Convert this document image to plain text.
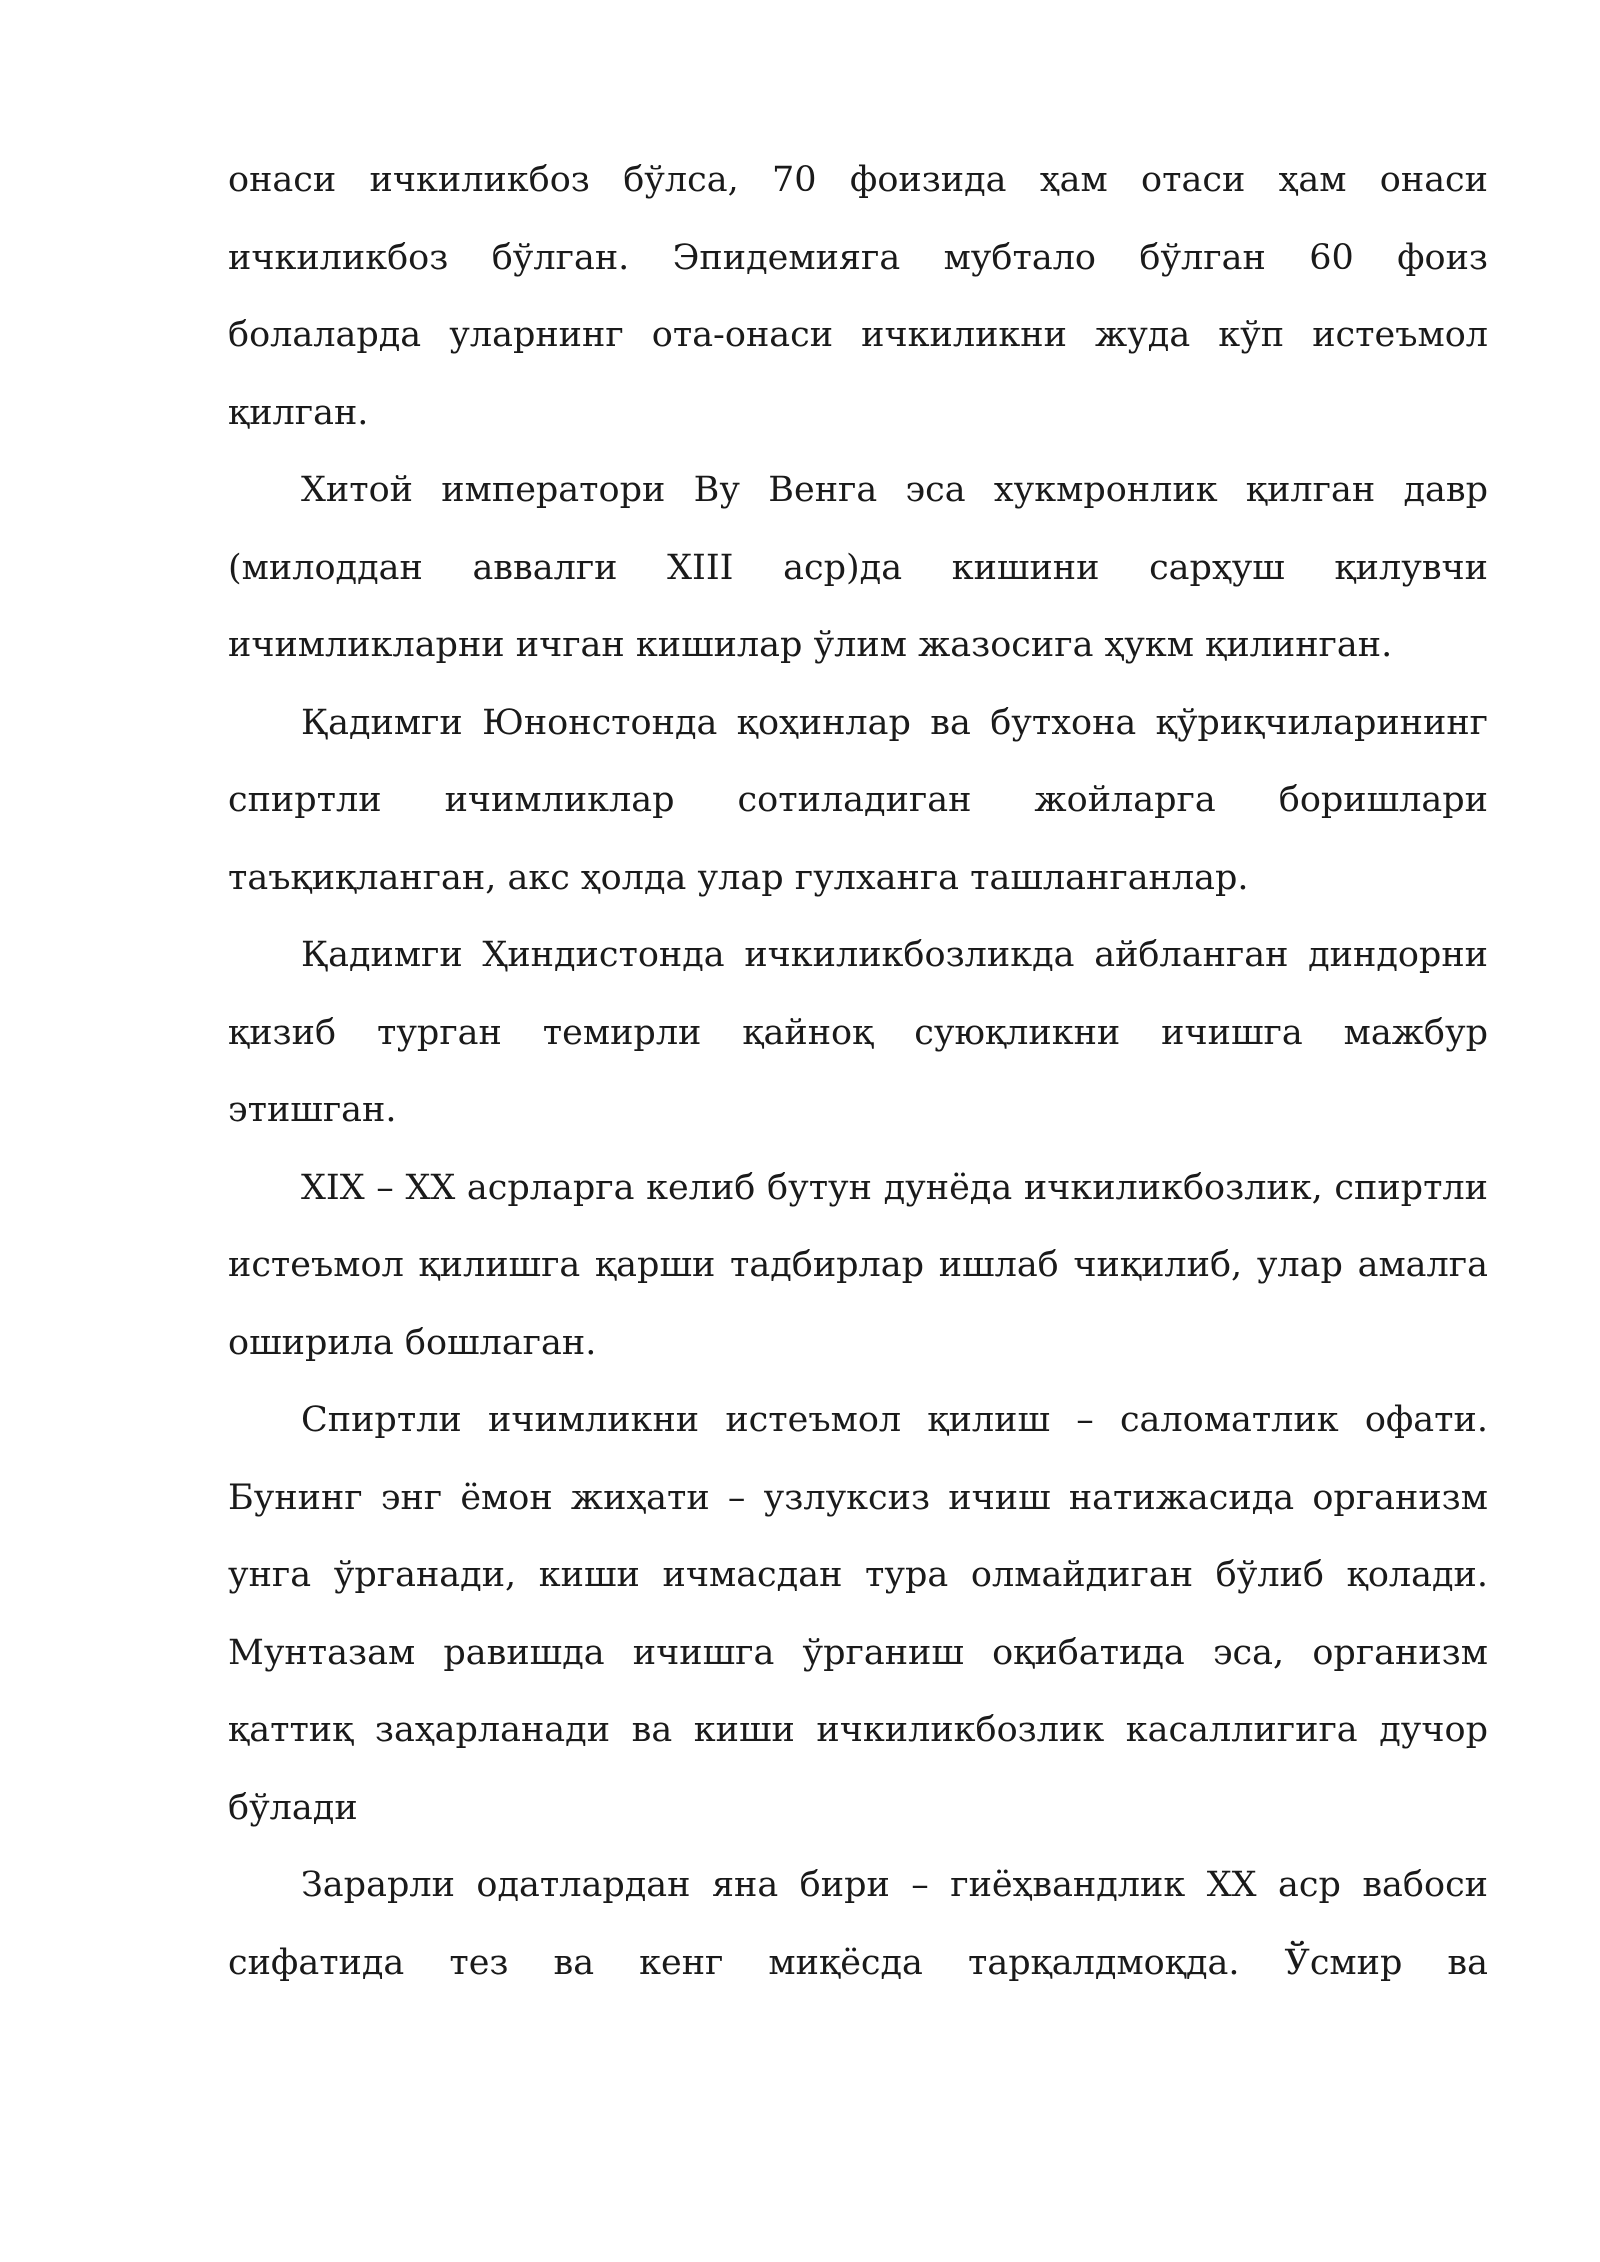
онаси ичкиликбоз бўлса, 70 фоизида ҳам отаси ҳам онаси ичкиликбоз бўлган. Эпидемияга мубтало бўлган 60 фоиз болаларда уларнинг ота-онаси ичкиликни жуда кўп истеъмол қилган.

Хитой императори Ву Венга эса хукмронлик қилган давр (милоддан аввалги XIII аср)да кишини сарҳуш қилувчи ичимликларни ичган кишилар ўлим жазосига ҳукм қилинган.

Қадимги Юнонстонда қоҳинлар ва бутхона қўриқчиларининг спиртли ичимликлар сотиладиган жойларга боришлари таъқиқланган, акс ҳолда улар гулханга ташланганлар.

Қадимги Ҳиндистонда ичкиликбозликда айбланган диндорни қизиб турган темирли қайноқ суюқликни ичишга мажбур этишган.

XIX – XX асрларга келиб бутун дунёда ичкиликбозлик, спиртли истеъмол қилишга қарши тадбирлар ишлаб чиқилиб, улар амалга оширила бошлаган.

Спиртли ичимликни истеъмол қилиш – саломатлик офати. Бунинг энг ёмон жиҳати – узлуксиз ичиш натижасида организм унга ўрганади, киши ичмасдан тура олмайдиган бўлиб қолади. Мунтазам равишда ичишга ўрганиш оқибатида эса, организм қаттиқ заҳарланади ва киши ичкиликбозлик касаллигига дучор бўлади

Зарарли одатлардан яна бири – гиёҳвандлик XX аср вабоси сифатида тез ва кенг миқёсда тарқалдмоқда. Ўсмир ва
